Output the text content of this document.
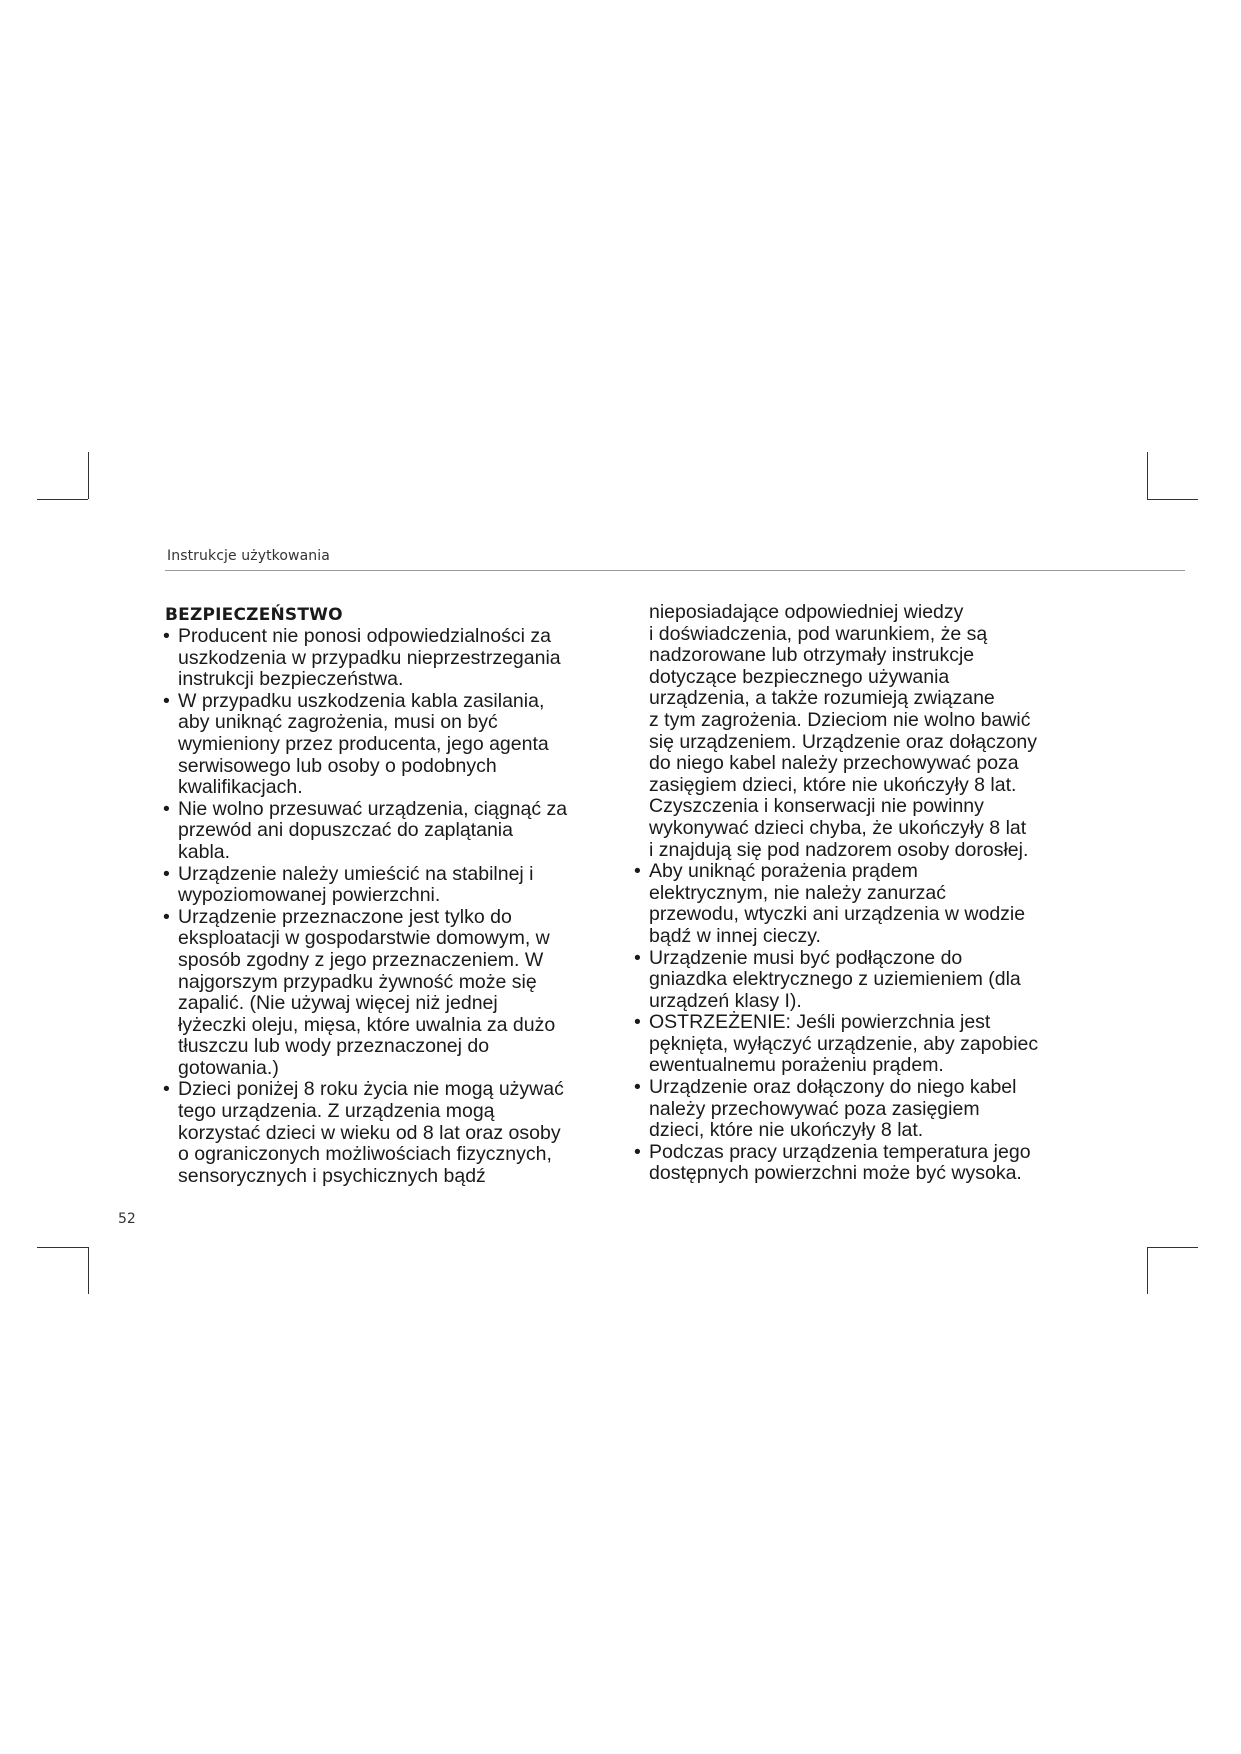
Instrukcje użytkowania
BEZPIECZEŃSTWO
• Producent nie ponosi odpowiedzialności za
uszkodzenia w przypadku nieprzestrzegania
instrukcji bezpieczeństwa.
• W przypadku uszkodzenia kabla zasilania,
aby uniknąć zagrożenia, musi on być
wymieniony przez producenta, jego agenta
serwisowego lub osoby o podobnych
kwalifikacjach.
• Nie wolno przesuwać urządzenia, ciągnąć za
przewód ani dopuszczać do zaplątania
kabla.
• Urządzenie należy umieścić na stabilnej i
wypoziomowanej powierzchni.
• Urządzenie przeznaczone jest tylko do
eksploatacji w gospodarstwie domowym, w
sposób zgodny z jego przeznaczeniem. W
najgorszym przypadku żywność może się
zapalić. (Nie używaj więcej niż jednej
łyżeczki oleju, mięsa, które uwalnia za dużo
tłuszczu lub wody przeznaczonej do
gotowania.)
• Dzieci poniżej 8 roku życia nie mogą używać
tego urządzenia. Z urządzenia mogą
korzystać dzieci w wieku od 8 lat oraz osoby
o ograniczonych możliwościach fizycznych,
sensorycznych i psychicznych bądź
nieposiadające odpowiedniej wiedzy
i doświadczenia, pod warunkiem, że są
nadzorowane lub otrzymały instrukcje
dotyczące bezpiecznego używania
urządzenia, a także rozumieją związane
z tym zagrożenia. Dzieciom nie wolno bawić
się urządzeniem. Urządzenie oraz dołączony
do niego kabel należy przechowywać poza
zasięgiem dzieci, które nie ukończyły 8 lat.
Czyszczenia i konserwacji nie powinny
wykonywać dzieci chyba, że ukończyły 8 lat
i znajdują się pod nadzorem osoby dorosłej.
• Aby uniknąć porażenia prądem
elektrycznym, nie należy zanurzać
przewodu, wtyczki ani urządzenia w wodzie
bądź w innej cieczy.
• Urządzenie musi być podłączone do
gniazdka elektrycznego z uziemieniem (dla
urządzeń klasy I).
• OSTRZEŻENIE: Jeśli powierzchnia jest
pęknięta, wyłączyć urządzenie, aby zapobiec
ewentualnemu porażeniu prądem.
• Urządzenie oraz dołączony do niego kabel
należy przechowywać poza zasięgiem
dzieci, które nie ukończyły 8 lat.
• Podczas pracy urządzenia temperatura jego
dostępnych powierzchni może być wysoka.
52
